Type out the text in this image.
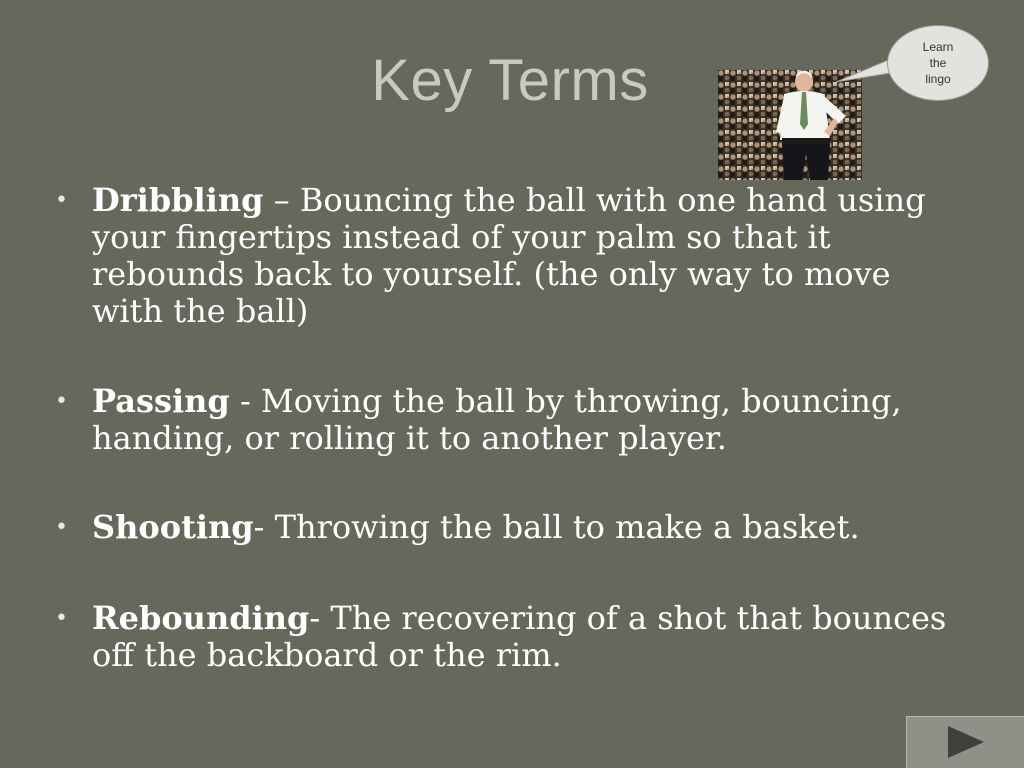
Key Terms
Learn
the
lingo
• Dribbling – Bouncing the ball with one hand using your fingertips instead of your palm so that it rebounds back to yourself. (the only way to move with the ball)
• Passing - Moving the ball by throwing, bouncing, handing, or rolling it to another player.
• Shooting- Throwing the ball to make a basket.
• Rebounding- The recovering of a shot that bounces off the backboard or the rim.
